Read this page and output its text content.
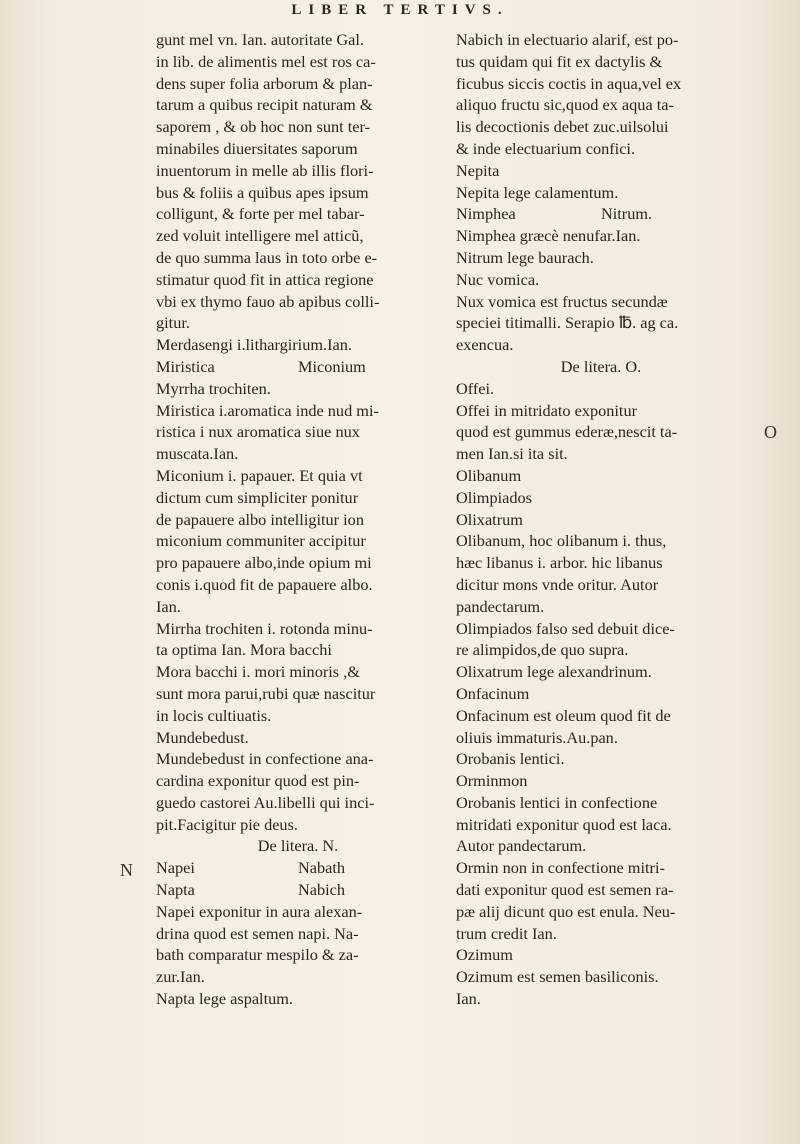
LIBER TERTIVS.
gunt mel vn. Ian. autoritate Gal.
in lib. de alimentis mel est ros ca-
dens super folia arborum & plan-
tarum a quibus recipit naturam &
saporem , & ob hoc non sunt ter-
minabiles diuersitates saporum
inuentorum in melle ab illis flori-
bus & foliis a quibus apes ipsum
colligunt, & forte per mel tabar-
zed voluit intelligere mel atticũ,
de quo summa laus in toto orbe e-
stimatur quod fit in attica regione
vbi ex thymo fauo ab apibus colli-
gitur.
Merdasengi i.lithargirium.Ian.
Miristica	Miconium
Myrrha trochiten.
Miristica i.aromatica inde nud mi-
ristica i nux aromatica siue nux
muscata.Ian.
Miconium i. papauer. Et quia vt
dictum cum simpliciter ponitur
de papauere albo intelligitur ion
miconium communiter accipitur
pro papauere albo,inde opium mi
conis i.quod fit de papauere albo.
Ian.
Mirrha trochiten i. rotonda minu-
ta optima Ian. Mora bacchi
Mora bacchi i. mori minoris ,&
sunt mora parui,rubi quæ nascitur
in locis cultiuatis.
Mundebedust.
Mundebedust in confectione ana-
cardina exponitur quod est pin-
guedo castorei Au.libelli qui inci-
pit.Facigitur pie deus.
De litera. N.
Napei	Nabath
Napta	Nabich
Napei exponitur in aura alexan-
drina quod est semen napi. Na-
bath comparatur mespilo & za-
zur.Ian.
Napta lege aspaltum.
Nabich in electuario alarif, est po-
tus quidam qui fit ex dactylis &
ficubus siccis coctis in aqua,vel ex
aliquo fructu sic,quod ex aqua ta-
lis decoctionis debet zuc.uilsolui
& inde electuarium confici.
Nepita
Nepita lege calamentum.
Nimphea	Nitrum.
Nimphea græcè nenufar.Ian.
Nitrum lege baurach.
Nuc vomica.
Nux vomica est fructus secundæ
speciei titimalli. Serapio ℔. ag ca.
exencua.
De litera. O.
Offei.
Offei in mitridato exponitur
quod est gummus ederæ,nescit ta-
men Ian.si ita sit.
Olibanum
Olimpiados
Olixatrum
Olibanum, hoc olibanum i. thus,
hæc libanus i. arbor. hic libanus
dicitur mons vnde oritur. Autor
pandectarum.
Olimpiados falso sed debuit dice-
re alimpidos,de quo supra.
Olixatrum lege alexandrinum.
Onfacinum
Onfacinum est oleum quod fit de
oliuis immaturis.Au.pan.
Orobanis lentici.
Orminmon
Orobanis lentici in confectione
mitridati exponitur quod est laca.
Autor pandectarum.
Ormin non in confectione mitri-
dati exponitur quod est semen ra-
pæ alij dicunt quo est enula. Neu-
trum credit Ian.
Ozimum
Ozimum est semen basiliconis.
Ian.
N
O
